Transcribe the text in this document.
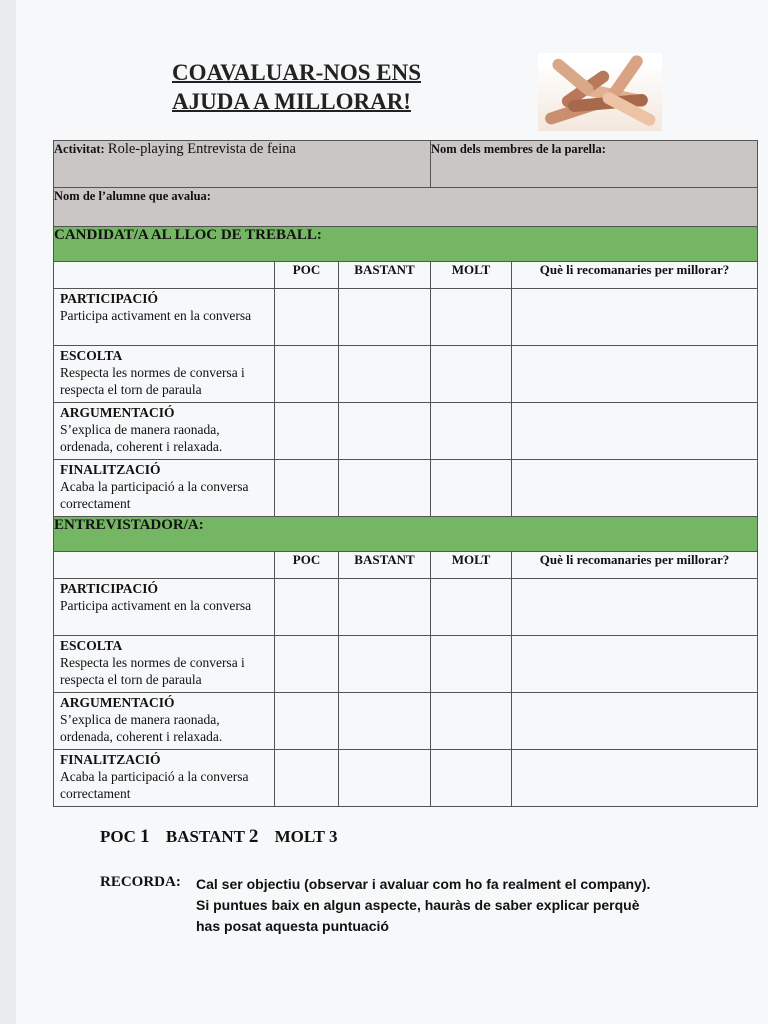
COAVALUAR-NOS ENS
AJUDA A MILLORAR!
Activitat: Role-playing Entrevista de feina			Nom dels membres de la parella:	
Nom de l’alumne que avalua:				
CANDIDAT/A AL LLOC DE TREBALL:				
	POC	BASTANT	MOLT	Què li recomanaries per millorar?

PARTICIPACIÓ
Participa activament en la conversa				

ESCOLTA
Respecta les normes de conversa i respecta el torn de paraula				

ARGUMENTACIÓ
S’explica de manera raonada, ordenada, coherent i relaxada.				

FINALITZACIÓ
Acaba la participació a la conversa correctament				
ENTREVISTADOR/A:				
	POC	BASTANT	MOLT	Què li recomanaries per millorar?

PARTICIPACIÓ
Participa activament en la conversa				

ESCOLTA
Respecta les normes de conversa i respecta el torn de paraula				

ARGUMENTACIÓ
S’explica de manera raonada, ordenada, coherent i relaxada.				

FINALITZACIÓ
Acaba la participació a la conversa correctament				
POC 1 BASTANT 2 MOLT 3
RECORDA: Cal ser objectiu (observar i avaluar com ho fa realment el company).
Si puntues baix en algun aspecte, hauràs de saber explicar perquè
has posat aquesta puntuació
